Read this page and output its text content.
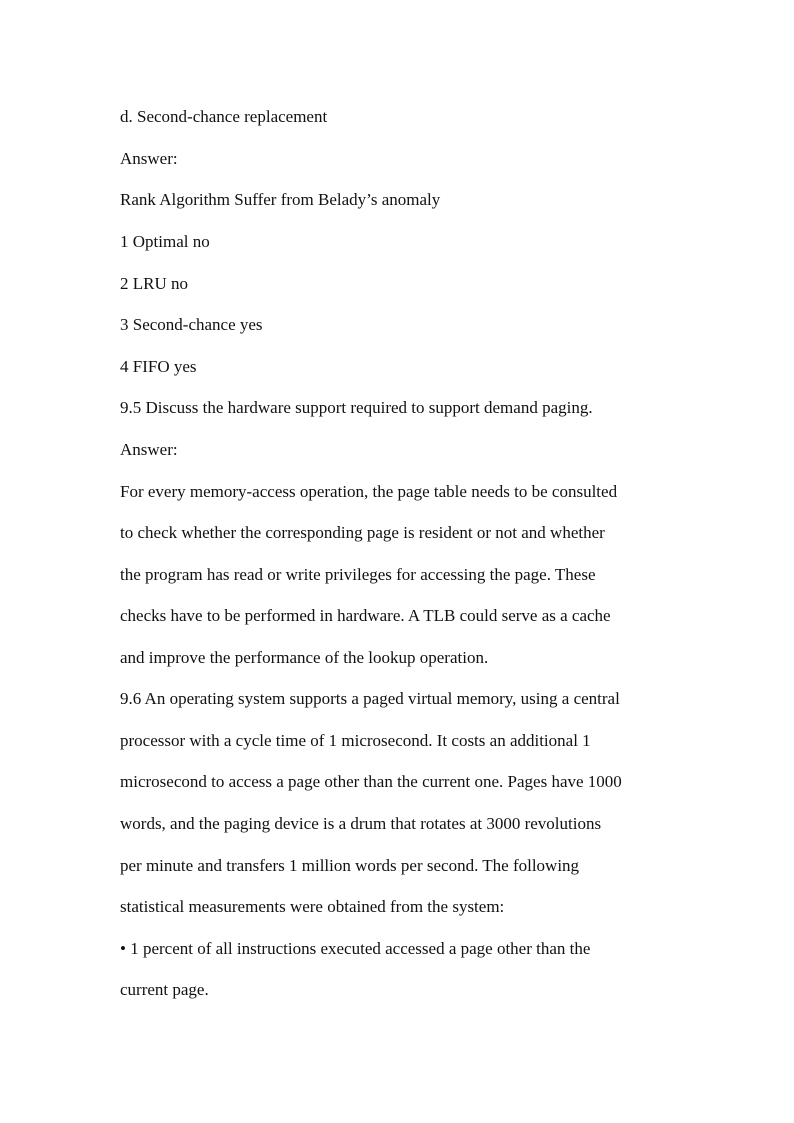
d. Second-chance replacement
Answer:
Rank Algorithm Suffer from Belady’s anomaly
1 Optimal no
2 LRU no
3 Second-chance yes
4 FIFO yes
9.5 Discuss the hardware support required to support demand paging.
Answer:
For every memory-access operation, the page table needs to be consulted
to check whether the corresponding page is resident or not and whether
the program has read or write privileges for accessing the page. These
checks have to be performed in hardware. A TLB could serve as a cache
and improve the performance of the lookup operation.
9.6 An operating system supports a paged virtual memory, using a central
processor with a cycle time of 1 microsecond. It costs an additional 1
microsecond to access a page other than the current one. Pages have 1000
words, and the paging device is a drum that rotates at 3000 revolutions
per minute and transfers 1 million words per second. The following
statistical measurements were obtained from the system:
• 1 percent of all instructions executed accessed a page other than the
current page.
